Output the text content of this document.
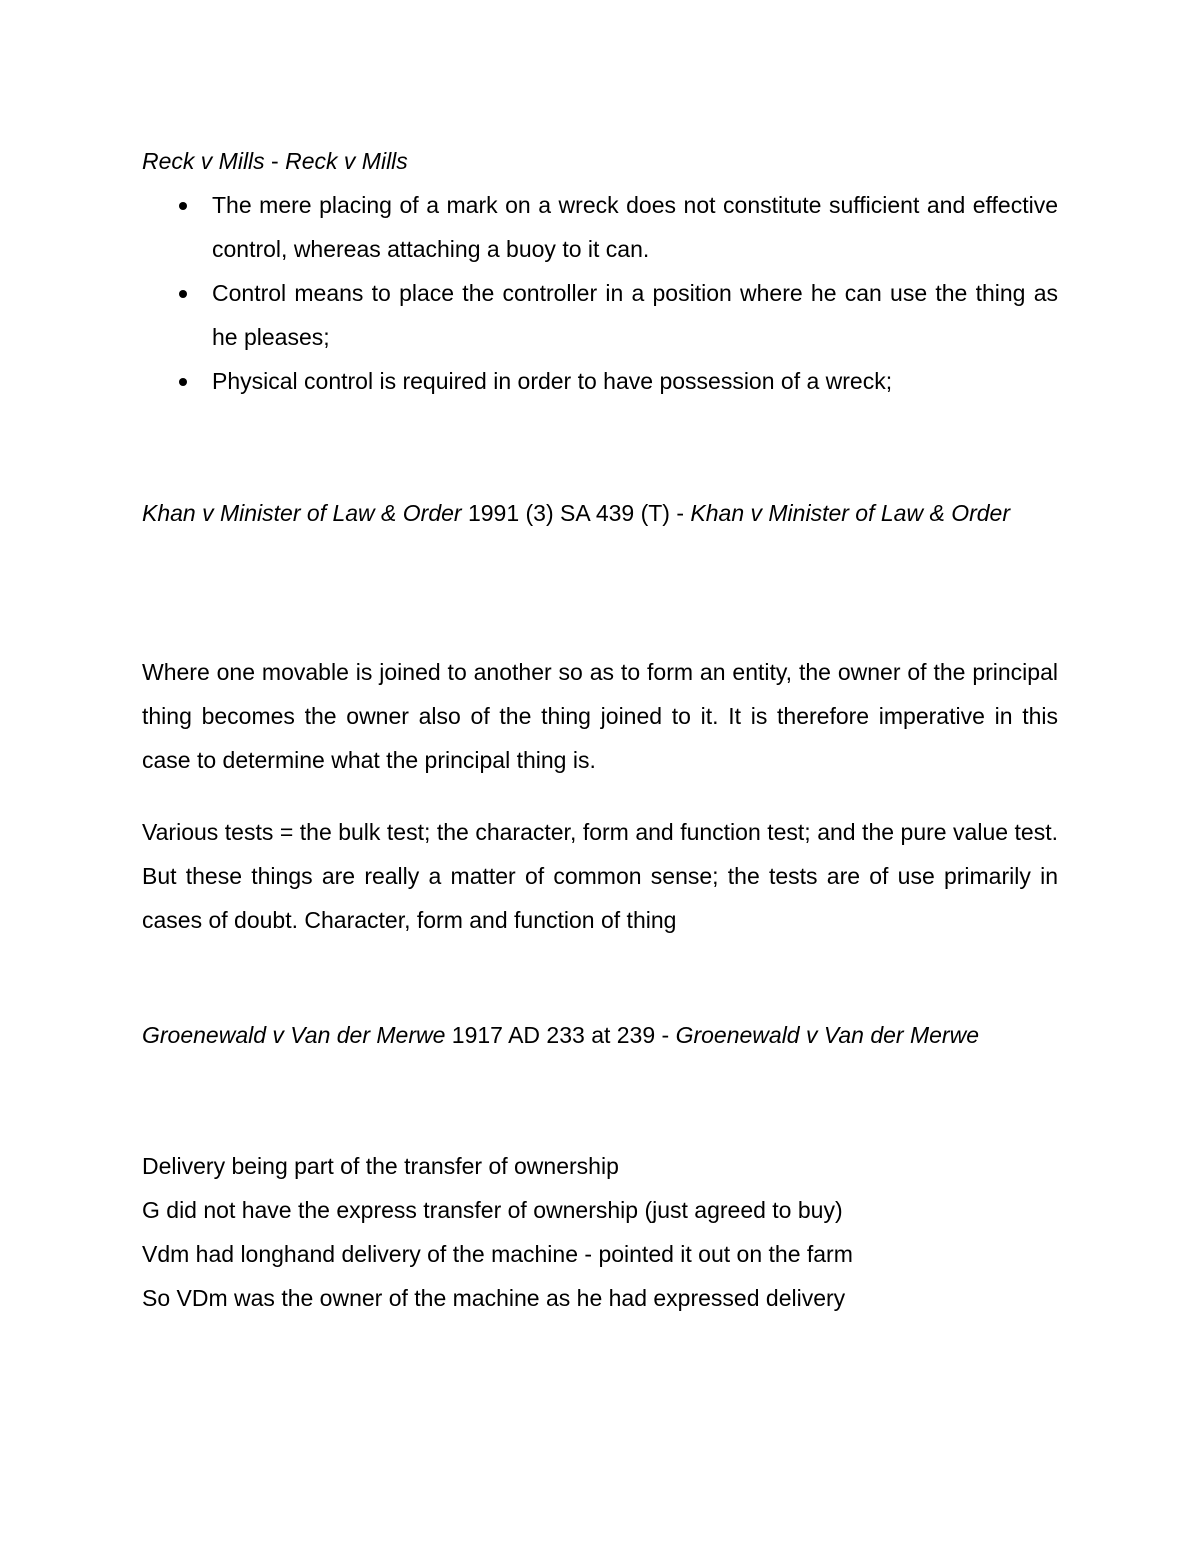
Reck v Mills - Reck v Mills

The mere placing of a mark on a wreck does not constitute sufficient and effective control, whereas attaching a buoy to it can.
Control means to place the controller in a position where he can use the thing as he pleases;
Physical control is required in order to have possession of a wreck;

Khan v Minister of Law & Order 1991 (3) SA 439 (T) - Khan v Minister of Law & Order

Where one movable is joined to another so as to form an entity, the owner of the principal thing becomes the owner also of the thing joined to it. It is therefore imperative in this case to determine what the principal thing is.

Various tests = the bulk test; the character, form and function test; and the pure value test. But these things are really a matter of common sense; the tests are of use primarily in cases of doubt. Character, form and function of thing

Groenewald v Van der Merwe 1917 AD 233 at 239 - Groenewald v Van der Merwe

Delivery being part of the transfer of ownership
G did not have the express transfer of ownership (just agreed to buy)
Vdm had longhand delivery of the machine - pointed it out on the farm
So VDm was the owner of the machine as he had expressed delivery
